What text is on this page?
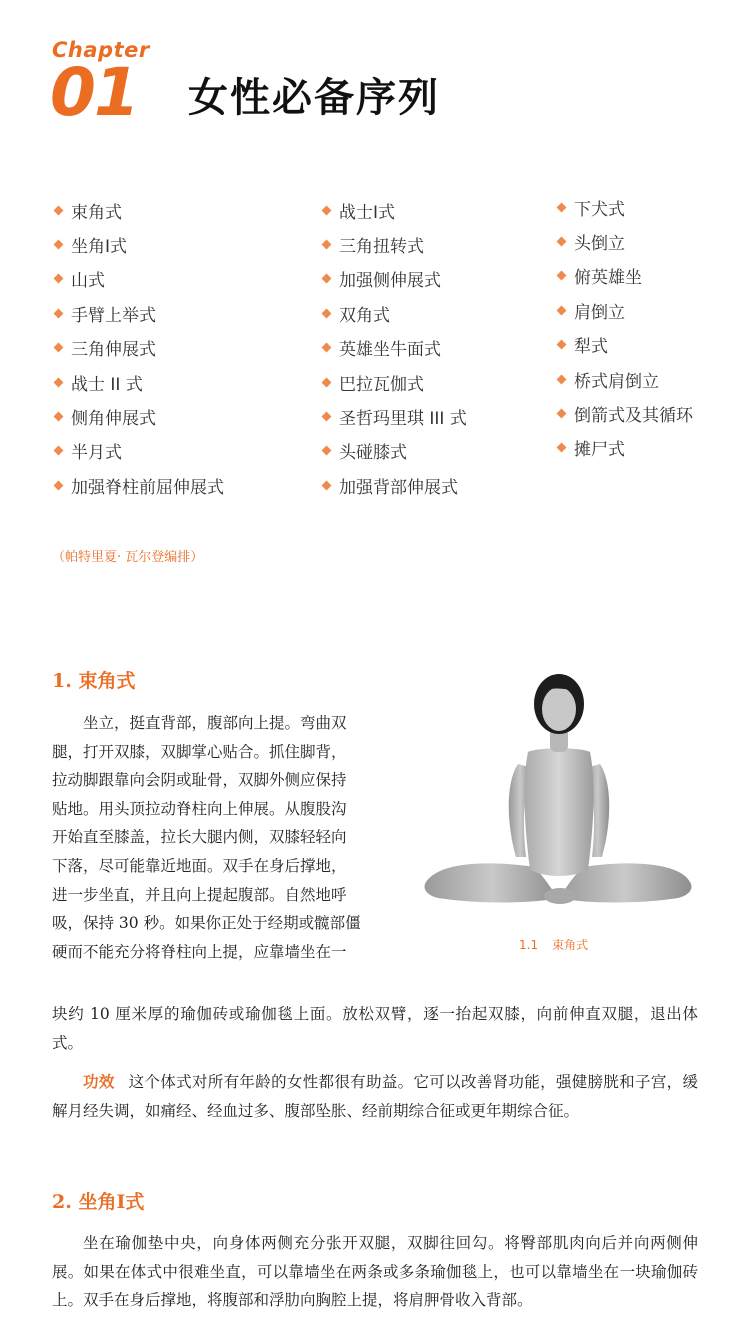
Chapter
01 女性必备序列
束角式
坐角Ⅰ式
山式
手臂上举式
三角伸展式
战士 II 式
侧角伸展式
半月式
加强脊柱前屈伸展式
战士Ⅰ式
三角扭转式
加强侧伸展式
双角式
英雄坐牛面式
巴拉瓦伽式
圣哲玛里琪 III 式
头碰膝式
加强背部伸展式
下犬式
头倒立
俯英雄坐
肩倒立
犁式
桥式肩倒立
倒箭式及其循环
摊尸式
（帕特里夏· 瓦尔登编排）
1. 束角式
坐立，挺直背部，腹部向上提。弯曲双
腿，打开双膝，双脚掌心贴合。抓住脚背，
拉动脚跟靠向会阴或耻骨，双脚外侧应保持
贴地。用头顶拉动脊柱向上伸展。从腹股沟
开始直至膝盖，拉长大腿内侧，双膝轻轻向
下落，尽可能靠近地面。双手在身后撑地，
进一步坐直，并且向上提起腹部。自然地呼
吸，保持 30 秒。如果你正处于经期或髋部僵
硬而不能充分将脊柱向上提，应靠墙坐在一
块约 10 厘米厚的瑜伽砖或瑜伽毯上面。放松双臂，逐一抬起双膝，向前伸直双腿，退出体式。
功效 这个体式对所有年龄的女性都很有助益。它可以改善肾功能，强健膀胱和子宫，缓解月经失调，如痛经、经血过多、腹部坠胀、经前期综合征或更年期综合征。
1.1 束角式
2. 坐角Ⅰ式
坐在瑜伽垫中央，向身体两侧充分张开双腿，双脚往回勾。将臀部肌肉向后并向两侧伸展。如果在体式中很难坐直，可以靠墙坐在两条或多条瑜伽毯上，也可以靠墙坐在一块瑜伽砖上。双手在身后撑地，将腹部和浮肋向胸腔上提，将肩胛骨收入背部。
